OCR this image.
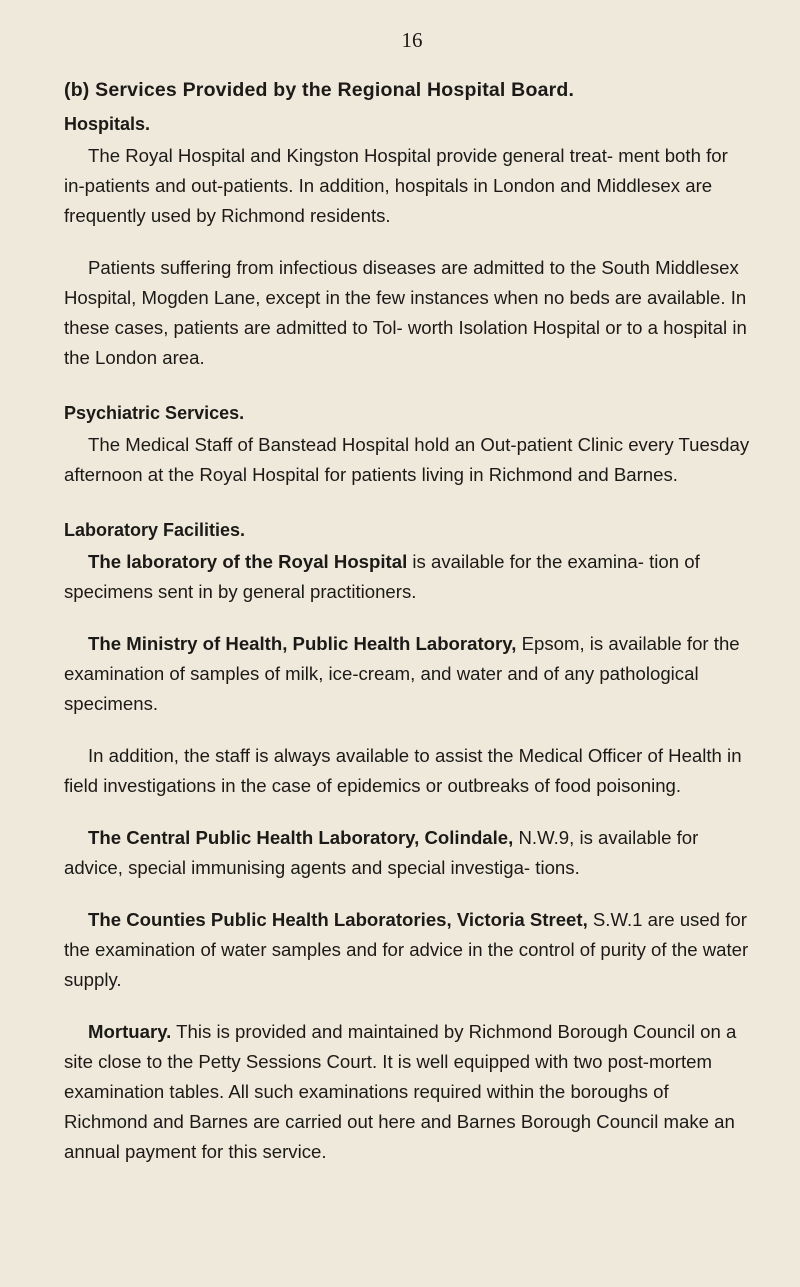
16
(b) Services Provided by the Regional Hospital Board.
Hospitals.

The Royal Hospital and Kingston Hospital provide general treat- ment both for in-patients and out-patients. In addition, hospitals in London and Middlesex are frequently used by Richmond residents.

Patients suffering from infectious diseases are admitted to the South Middlesex Hospital, Mogden Lane, except in the few instances when no beds are available. In these cases, patients are admitted to Tol- worth Isolation Hospital or to a hospital in the London area.

Psychiatric Services.

The Medical Staff of Banstead Hospital hold an Out-patient Clinic every Tuesday afternoon at the Royal Hospital for patients living in Richmond and Barnes.

Laboratory Facilities.

The laboratory of the Royal Hospital is available for the examina- tion of specimens sent in by general practitioners.

The Ministry of Health, Public Health Laboratory, Epsom, is available for the examination of samples of milk, ice-cream, and water and of any pathological specimens.

In addition, the staff is always available to assist the Medical Officer of Health in field investigations in the case of epidemics or outbreaks of food poisoning.

The Central Public Health Laboratory, Colindale, N.W.9, is available for advice, special immunising agents and special investiga- tions.

The Counties Public Health Laboratories, Victoria Street, S.W.1 are used for the examination of water samples and for advice in the control of purity of the water supply.

Mortuary. This is provided and maintained by Richmond Borough Council on a site close to the Petty Sessions Court. It is well equipped with two post-mortem examination tables. All such examinations required within the boroughs of Richmond and Barnes are carried out here and Barnes Borough Council make an annual payment for this service.
